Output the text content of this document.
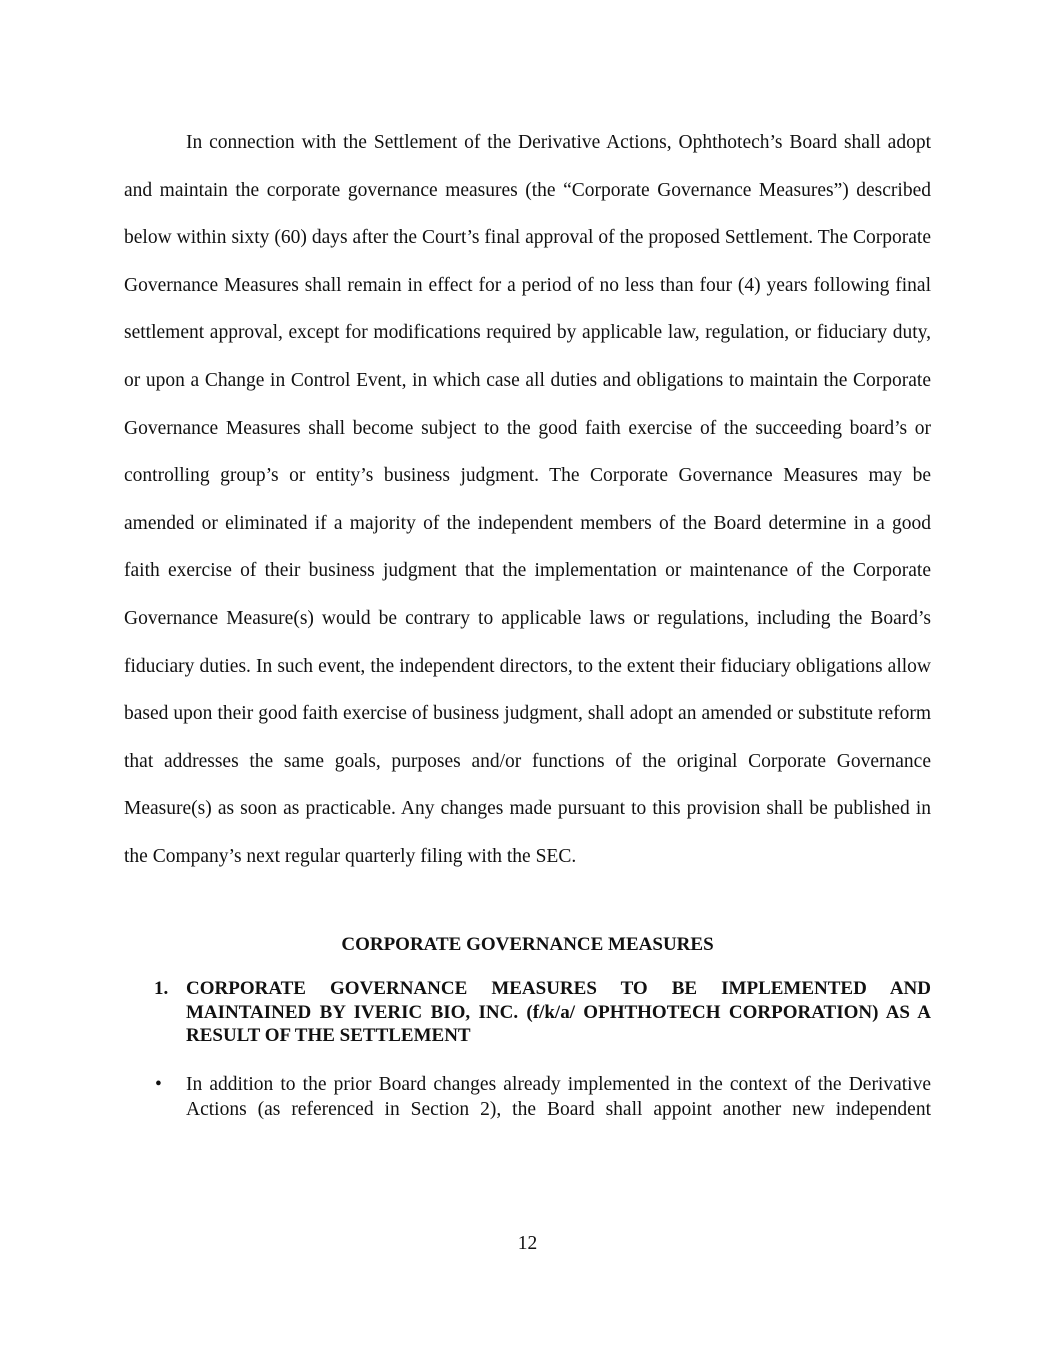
In connection with the Settlement of the Derivative Actions, Ophthotech’s Board shall adopt and maintain the corporate governance measures (the “Corporate Governance Measures”) described below within sixty (60) days after the Court’s final approval of the proposed Settlement. The Corporate Governance Measures shall remain in effect for a period of no less than four (4) years following final settlement approval, except for modifications required by applicable law, regulation, or fiduciary duty, or upon a Change in Control Event, in which case all duties and obligations to maintain the Corporate Governance Measures shall become subject to the good faith exercise of the succeeding board’s or controlling group’s or entity’s business judgment. The Corporate Governance Measures may be amended or eliminated if a majority of the independent members of the Board determine in a good faith exercise of their business judgment that the implementation or maintenance of the Corporate Governance Measure(s) would be contrary to applicable laws or regulations, including the Board’s fiduciary duties. In such event, the independent directors, to the extent their fiduciary obligations allow based upon their good faith exercise of business judgment, shall adopt an amended or substitute reform that addresses the same goals, purposes and/or functions of the original Corporate Governance Measure(s) as soon as practicable. Any changes made pursuant to this provision shall be published in the Company’s next regular quarterly filing with the SEC.

CORPORATE GOVERNANCE MEASURES

1. CORPORATE GOVERNANCE MEASURES TO BE IMPLEMENTED AND MAINTAINED BY IVERIC BIO, INC. (f/k/a/ OPHTHOTECH CORPORATION) AS A RESULT OF THE SETTLEMENT
• In addition to the prior Board changes already implemented in the context of the Derivative Actions (as referenced in Section 2), the Board shall appoint another new independent
12
